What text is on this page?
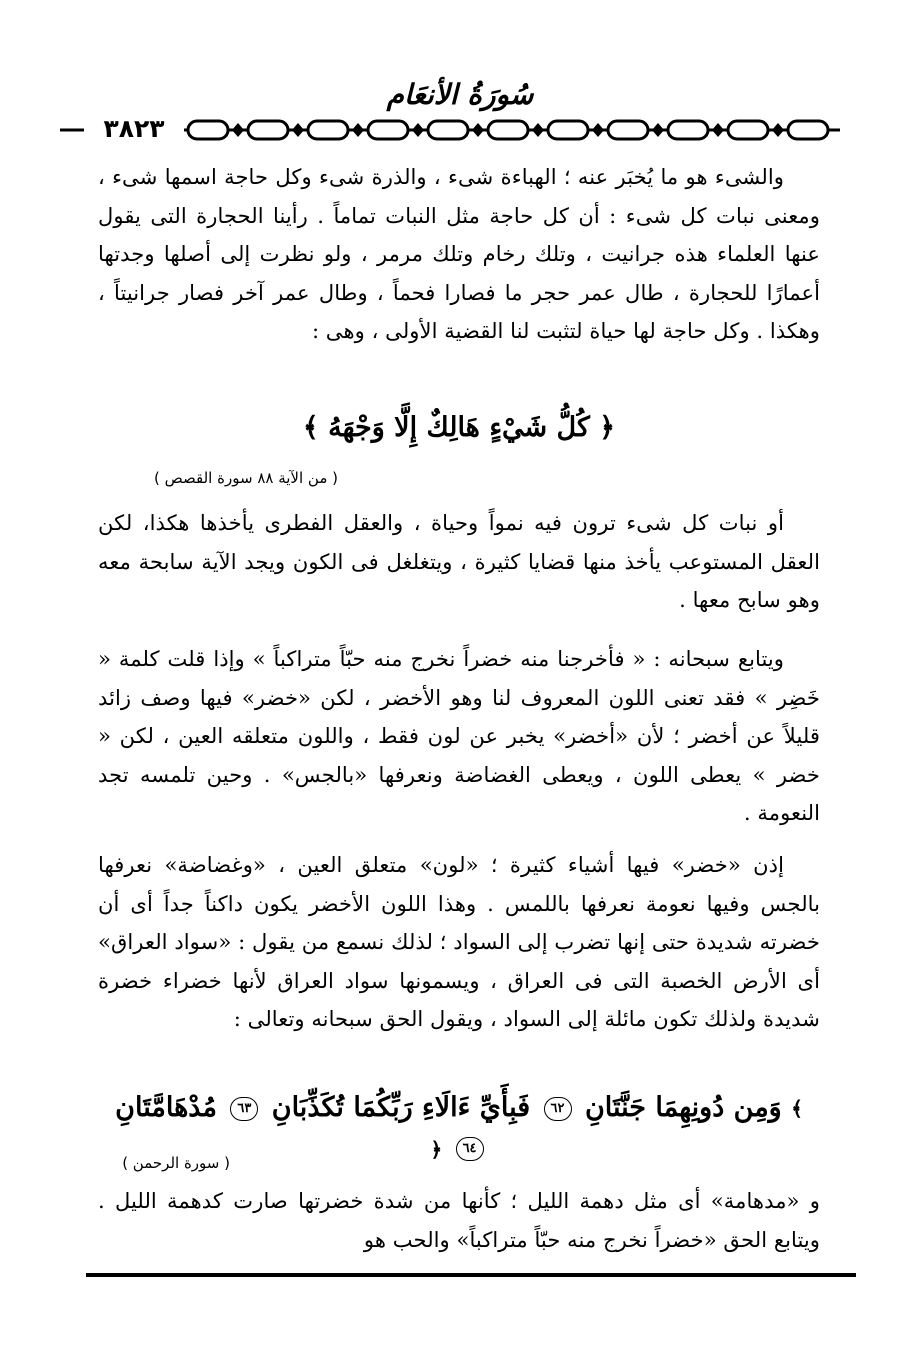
سُورَةُ الأنعَام
٣٨٢٣

والشىء هو ما يُخبَر عنه ؛ الهباءة شىء ، والذرة شىء وكل حاجة اسمها شىء ، ومعنى نبات كل شىء : أن كل حاجة مثل النبات تماماً . رأينا الحجارة التى يقول عنها العلماء هذه جرانيت ، وتلك رخام وتلك مرمر ، ولو نظرت إلى أصلها وجدتها أعمارًا للحجارة ، طال عمر حجر ما فصارا فحماً ، وطال عمر آخر فصار جرانيتاً ، وهكذا . وكل حاجة لها حياة لتثبت لنا القضية الأولى ، وهى :

﴿ كُلُّ شَيْءٍ هَالِكٌ إِلَّا وَجْهَهُ ﴾
( من الآية ٨٨ سورة القصص )

أو نبات كل شىء ترون فيه نمواً وحياة ، والعقل الفطرى يأخذها هكذا، لكن العقل المستوعب يأخذ منها قضايا كثيرة ، ويتغلغل فى الكون ويجد الآية سابحة معه وهو سابح معها .

ويتابع سبحانه : « فأخرجنا منه خضراً نخرج منه حبّاً متراكباً » وإذا قلت كلمة « خَضِر » فقد تعنى اللون المعروف لنا وهو الأخضر ، لكن «خضر» فيها وصف زائد قليلاً عن أخضر ؛ لأن «أخضر» يخبر عن لون فقط ، واللون متعلقه العين ، لكن « خضر » يعطى اللون ، ويعطى الغضاضة ونعرفها «بالجس» . وحين تلمسه تجد النعومة .

إذن «خضر» فيها أشياء كثيرة ؛ «لون» متعلق العين ، «وغضاضة» نعرفها بالجس وفيها نعومة نعرفها باللمس . وهذا اللون الأخضر يكون داكناً جداً أى أن خضرته شديدة حتى إنها تضرب إلى السواد ؛ لذلك نسمع من يقول : «سواد العراق» أى الأرض الخصبة التى فى العراق ، ويسمونها سواد العراق لأنها خضراء خضرة شديدة ولذلك تكون مائلة إلى السواد ، ويقول الحق سبحانه وتعالى :

﴾ وَمِن دُونِهِمَا جَنَّتَانِ ٦٢ فَبِأَيِّ ءَالَاءِ رَبِّكُمَا تُكَذِّبَانِ ٦٣ مُدْهَامَّتَانِ ٦٤ ﴿
( سورة الرحمن )

و «مدهامة» أى مثل دهمة الليل ؛ كأنها من شدة خضرتها صارت كدهمة الليل . ويتابع الحق «خضراً نخرج منه حبّاً متراكباً» والحب هو
